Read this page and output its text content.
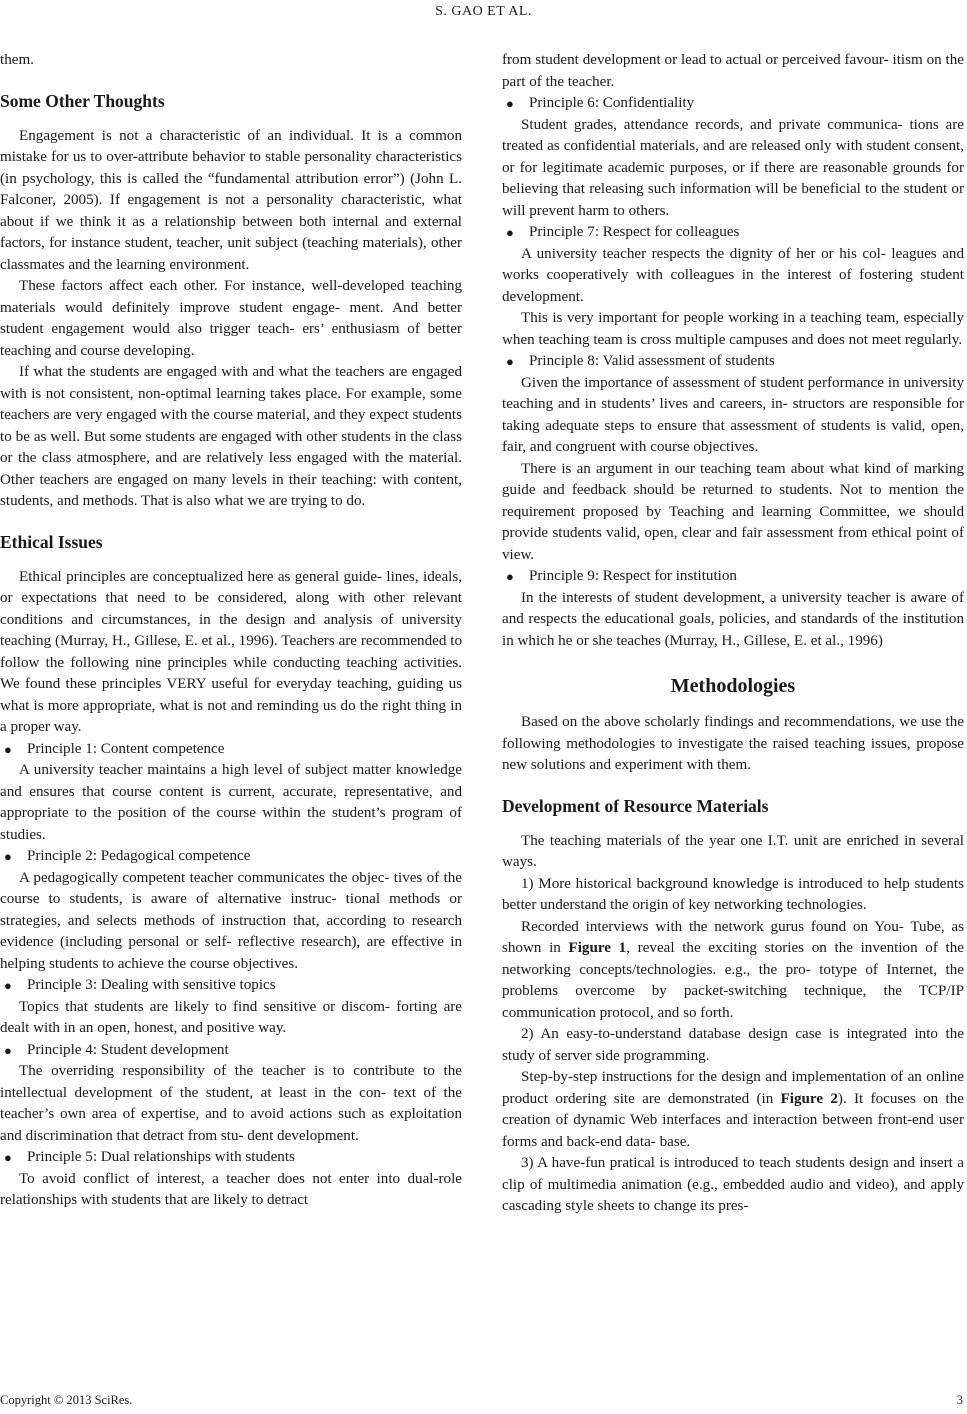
S. GAO ET AL.

them.

Some Other Thoughts

Engagement is not a characteristic of an individual. It is a common mistake for us to over-attribute behavior to stable personality characteristics (in psychology, this is called the “fundamental attribution error”) (John L. Falconer, 2005). If engagement is not a personality characteristic, what about if we think it as a relationship between both internal and external factors, for instance student, teacher, unit subject (teaching materials), other classmates and the learning environment.

These factors affect each other. For instance, well-developed teaching materials would definitely improve student engage- ment. And better student engagement would also trigger teach- ers’ enthusiasm of better teaching and course developing.

If what the students are engaged with and what the teachers are engaged with is not consistent, non-optimal learning takes place. For example, some teachers are very engaged with the course material, and they expect students to be as well. But some students are engaged with other students in the class or the class atmosphere, and are relatively less engaged with the material. Other teachers are engaged on many levels in their teaching: with content, students, and methods. That is also what we are trying to do.

Ethical Issues

Ethical principles are conceptualized here as general guide- lines, ideals, or expectations that need to be considered, along with other relevant conditions and circumstances, in the design and analysis of university teaching (Murray, H., Gillese, E. et al., 1996). Teachers are recommended to follow the following nine principles while conducting teaching activities. We found these principles VERY useful for everyday teaching, guiding us what is more appropriate, what is not and reminding us do the right thing in a proper way.

● Principle 1: Content competence

A university teacher maintains a high level of subject matter knowledge and ensures that course content is current, accurate, representative, and appropriate to the position of the course within the student’s program of studies.

● Principle 2: Pedagogical competence

A pedagogically competent teacher communicates the objec- tives of the course to students, is aware of alternative instruc- tional methods or strategies, and selects methods of instruction that, according to research evidence (including personal or self- reflective research), are effective in helping students to achieve the course objectives.

● Principle 3: Dealing with sensitive topics

Topics that students are likely to find sensitive or discom- forting are dealt with in an open, honest, and positive way.

● Principle 4: Student development

The overriding responsibility of the teacher is to contribute to the intellectual development of the student, at least in the con- text of the teacher’s own area of expertise, and to avoid actions such as exploitation and discrimination that detract from stu- dent development.

● Principle 5: Dual relationships with students

To avoid conflict of interest, a teacher does not enter into dual-role relationships with students that are likely to detract

from student development or lead to actual or perceived favour- itism on the part of the teacher.

● Principle 6: Confidentiality

Student grades, attendance records, and private communica- tions are treated as confidential materials, and are released only with student consent, or for legitimate academic purposes, or if there are reasonable grounds for believing that releasing such information will be beneficial to the student or will prevent harm to others.

● Principle 7: Respect for colleagues

A university teacher respects the dignity of her or his col- leagues and works cooperatively with colleagues in the interest of fostering student development.

This is very important for people working in a teaching team, especially when teaching team is cross multiple campuses and does not meet regularly.

● Principle 8: Valid assessment of students

Given the importance of assessment of student performance in university teaching and in students’ lives and careers, in- structors are responsible for taking adequate steps to ensure that assessment of students is valid, open, fair, and congruent with course objectives.

There is an argument in our teaching team about what kind of marking guide and feedback should be returned to students. Not to mention the requirement proposed by Teaching and learning Committee, we should provide students valid, open, clear and fair assessment from ethical point of view.

● Principle 9: Respect for institution

In the interests of student development, a university teacher is aware of and respects the educational goals, policies, and standards of the institution in which he or she teaches (Murray, H., Gillese, E. et al., 1996)

Methodologies

Based on the above scholarly findings and recommendations, we use the following methodologies to investigate the raised teaching issues, propose new solutions and experiment with them.

Development of Resource Materials

The teaching materials of the year one I.T. unit are enriched in several ways.

1) More historical background knowledge is introduced to help students better understand the origin of key networking technologies.

Recorded interviews with the network gurus found on You- Tube, as shown in Figure 1, reveal the exciting stories on the invention of the networking concepts/technologies. e.g., the pro- totype of Internet, the problems overcome by packet-switching technique, the TCP/IP communication protocol, and so forth.

2) An easy-to-understand database design case is integrated into the study of server side programming.

Step-by-step instructions for the design and implementation of an online product ordering site are demonstrated (in Figure 2). It focuses on the creation of dynamic Web interfaces and interaction between front-end user forms and back-end data- base.

3) A have-fun pratical is introduced to teach students design and insert a clip of multimedia animation (e.g., embedded audio and video), and apply cascading style sheets to change its pres-

Copyright © 2013 SciRes.	3
